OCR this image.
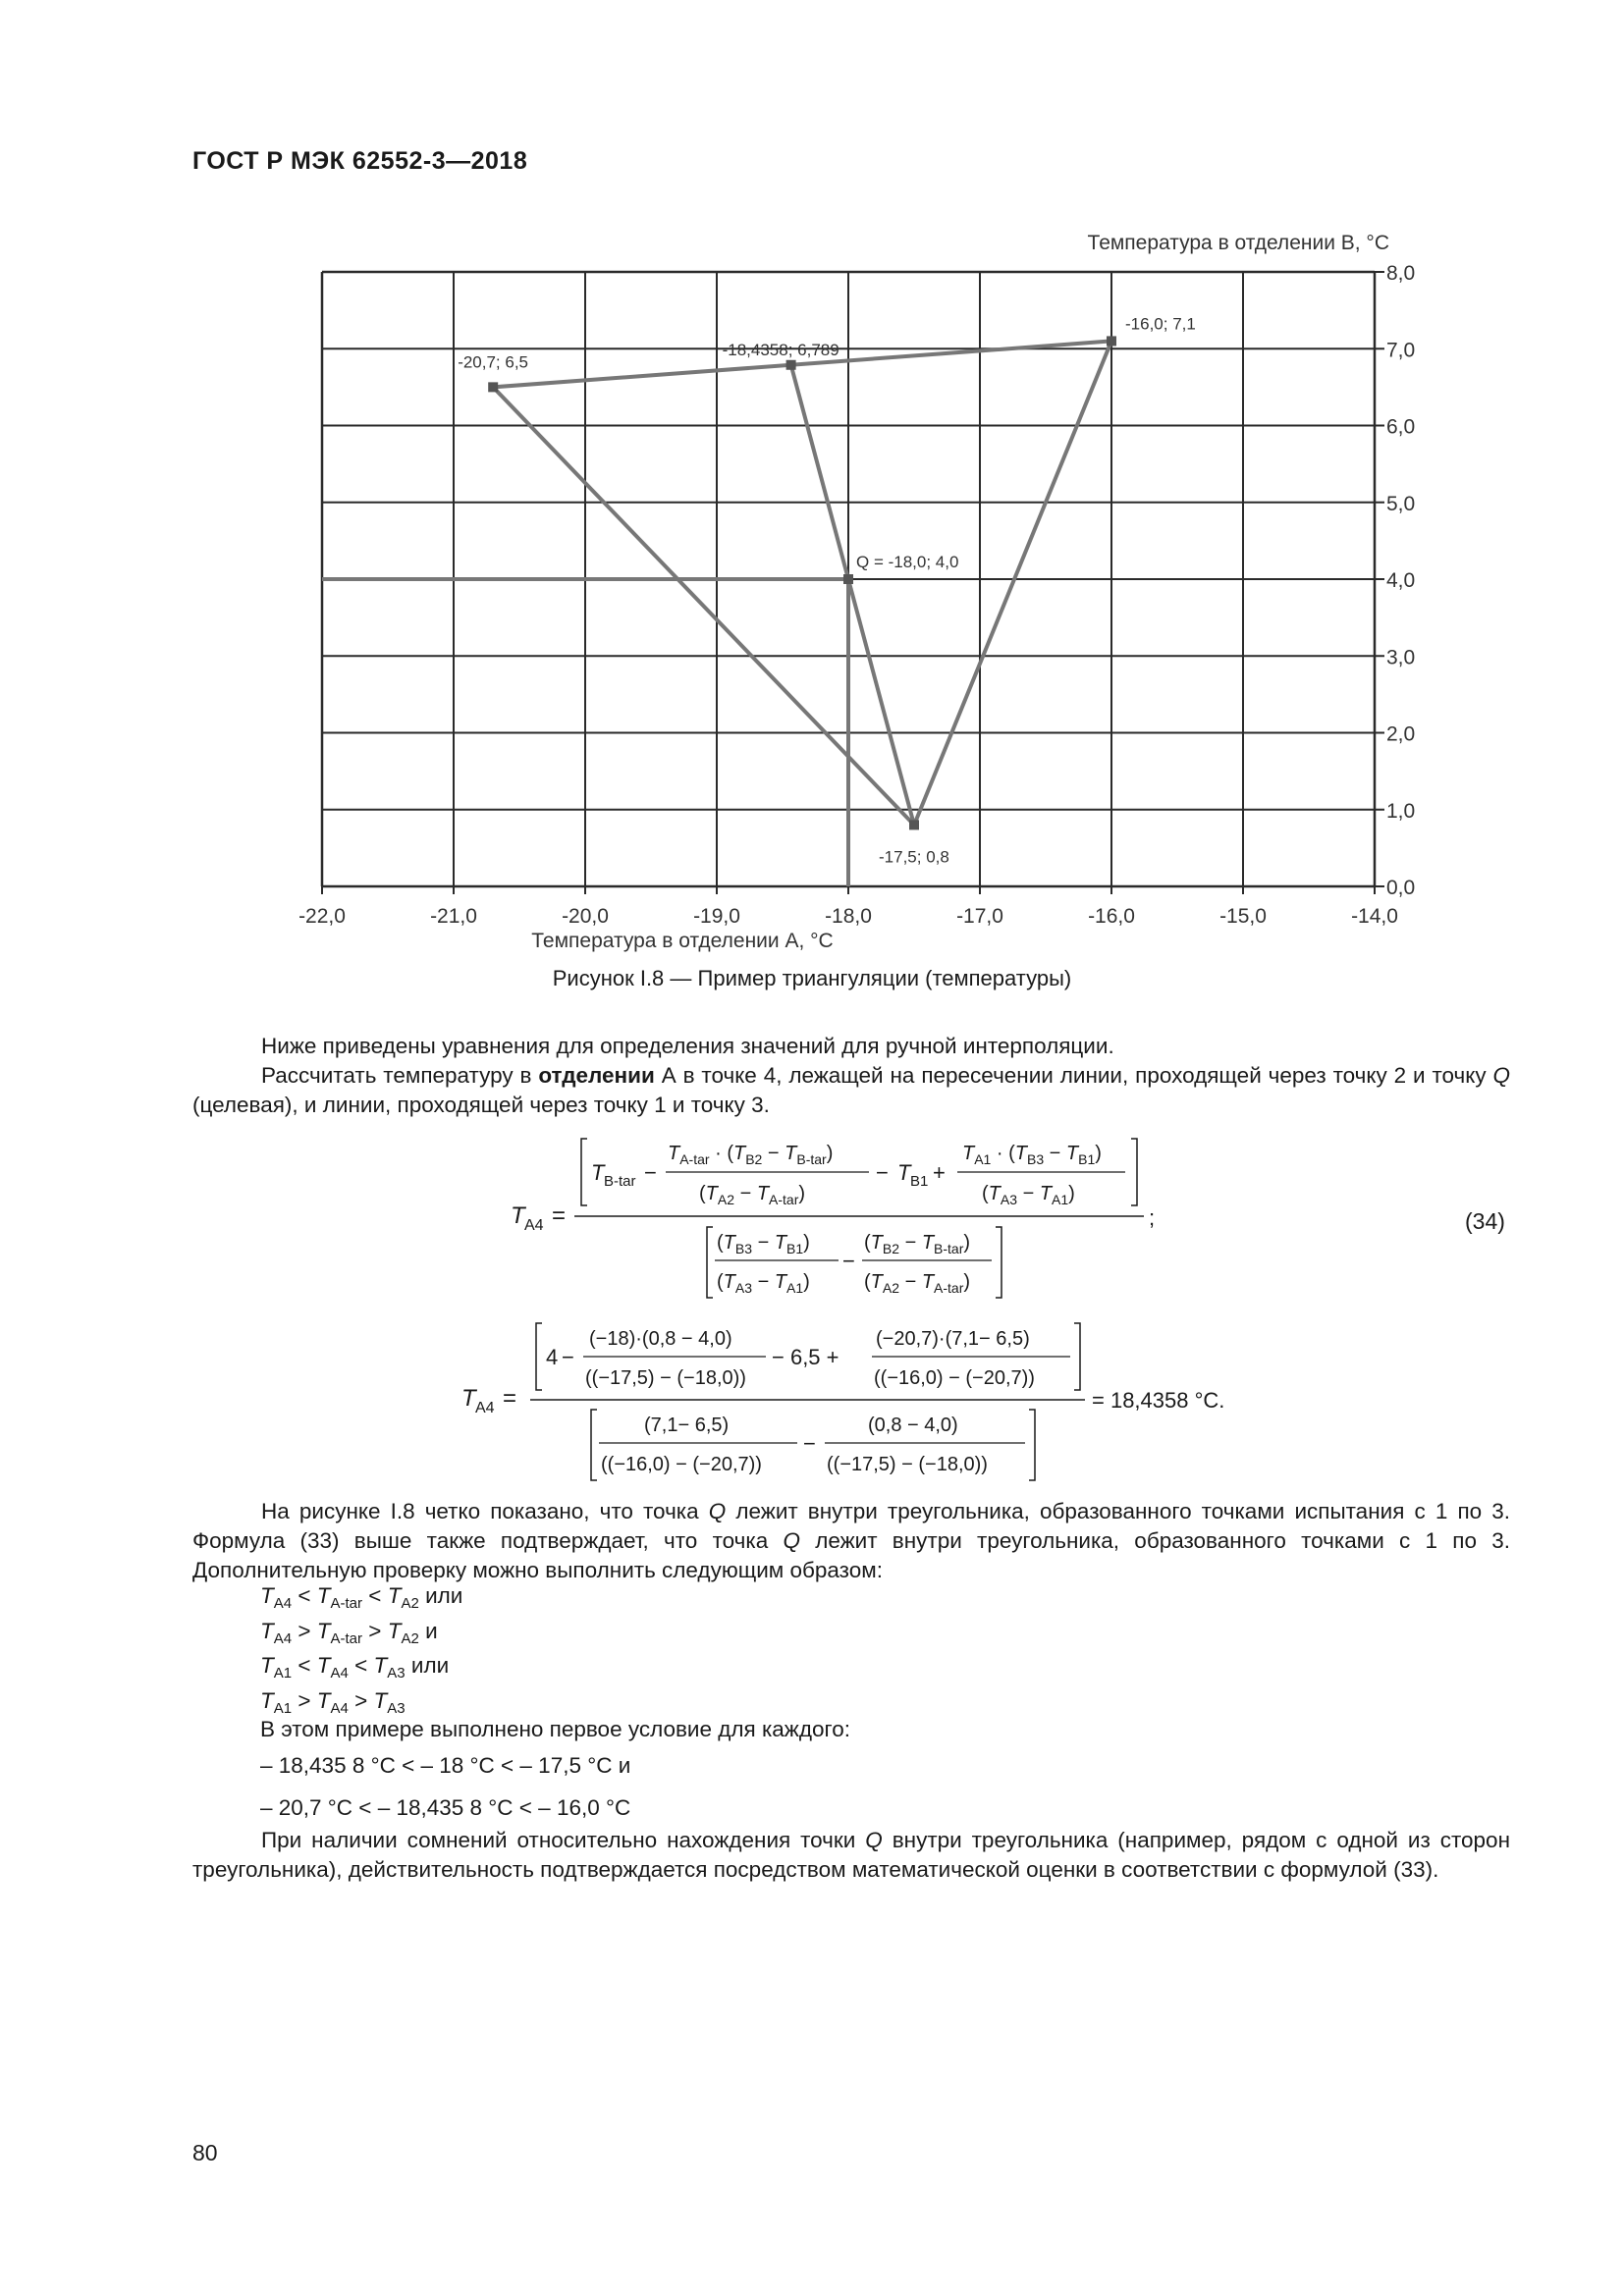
ГОСТ Р МЭК 62552-3—2018
-20,7; 6,5
-18,4358; 6,789
-16,0; 7,1
-17,5; 0,8
Q = -18,0; 4,0
-22,0	-21,0	-20,0	-19,0	-18,0	-17,0	-16,0	-15,0	-14,0
0,0
1,0
2,0
3,0
4,0
5,0
6,0
7,0
8,0
Температура в отделении А, °С
Температура в отделении В, °С
Рисунок I.8 — Пример триангуляции (температуры)
Ниже приведены уравнения для определения значений для ручной интерполяции.
Рассчитать температуру в отделении А в точке 4, лежащей на пересечении линии, проходящей через точку 2 и точку Q (целевая), и линии, проходящей через точку 1 и точку 3.
T A4 =
T B-tar −
$T_{A-tar} \cdot (T_{B2} - T_{B-tar})$
$(T_{A2} - T_{A-tar})$
− T B1 +
$T_{A1} \cdot (T_{B3} - T_{B1})$
$(T_{A3} - T_{A1})$
$(T_{B3} - T_{B1})$
$(T_{A3} - T_{A1})$
−
$(T_{B2} - T_{B-tar})$
$(T_{A2} - T_{A-tar})$
;	(34)
T A4 =
4 −
(−18)·(0,8 − 4,0)
((−17,5) − (−18,0))
− 6,5 +
(−20,7)·(7,1− 6,5)
((−16,0) − (−20,7))
(7,1− 6,5)
((−16,0) − (−20,7))
−
(0,8 − 4,0)
((−17,5) − (−18,0))
= 18,4358 °С.
На рисунке I.8 четко показано, что точка Q лежит внутри треугольника, образованного точками испытания с 1 по 3. Формула (33) выше также подтверждает, что точка Q лежит внутри треугольника, образованного точками с 1 по 3. Дополнительную проверку можно выполнить следующим образом:
$T_{A4} < T_{A-tar} < T_{A2}$ или
$T_{A4} > T_{A-tar} > T_{A2}$ и
$T_{A1} < T_{A4} < T_{A3}$ или
$T_{A1} > T_{A4} > T_{A3}$
В этом примере выполнено первое условие для каждого:
– 18,435 8 °С < – 18 °С < – 17,5 °С и
– 20,7 °С < – 18,435 8 °С < – 16,0 °С
При наличии сомнений относительно нахождения точки Q внутри треугольника (например, рядом с одной из сторон треугольника), действительность подтверждается посредством математической оценки в соответствии с формулой (33).
80
